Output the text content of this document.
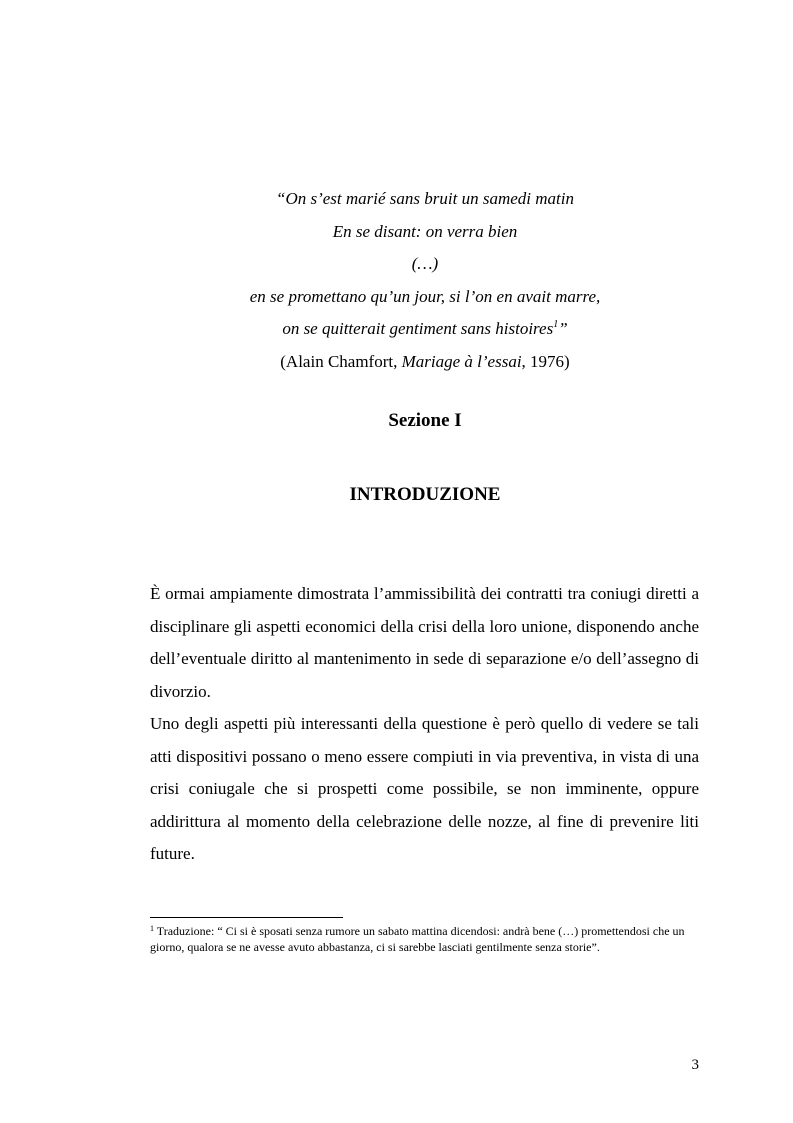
“On s’est marié sans bruit un samedi matin
En se disant: on verra bien
(…)
en se promettano qu’un jour, si l’on en avait marre,
on se quitterait gentiment sans histoires$^1$”
(Alain Chamfort, Mariage à l’essai, 1976)
Sezione I
INTRODUZIONE

È ormai ampiamente dimostrata l’ammissibilità dei contratti tra coniugi diretti a disciplinare gli aspetti economici della crisi della loro unione, disponendo anche dell’eventuale diritto al mantenimento in sede di separazione e/o dell’assegno di divorzio.

Uno degli aspetti più interessanti della questione è però quello di vedere se tali atti dispositivi possano o meno essere compiuti in via preventiva, in vista di una crisi coniugale che si prospetti come possibile, se non imminente, oppure addirittura al momento della celebrazione delle nozze, al fine di prevenire liti future.

$^1$ Traduzione: “ Ci si è sposati senza rumore un sabato mattina dicendosi: andrà bene (…) promettendosi che un giorno, qualora se ne avesse avuto abbastanza, ci si sarebbe lasciati gentilmente senza storie”.
3
